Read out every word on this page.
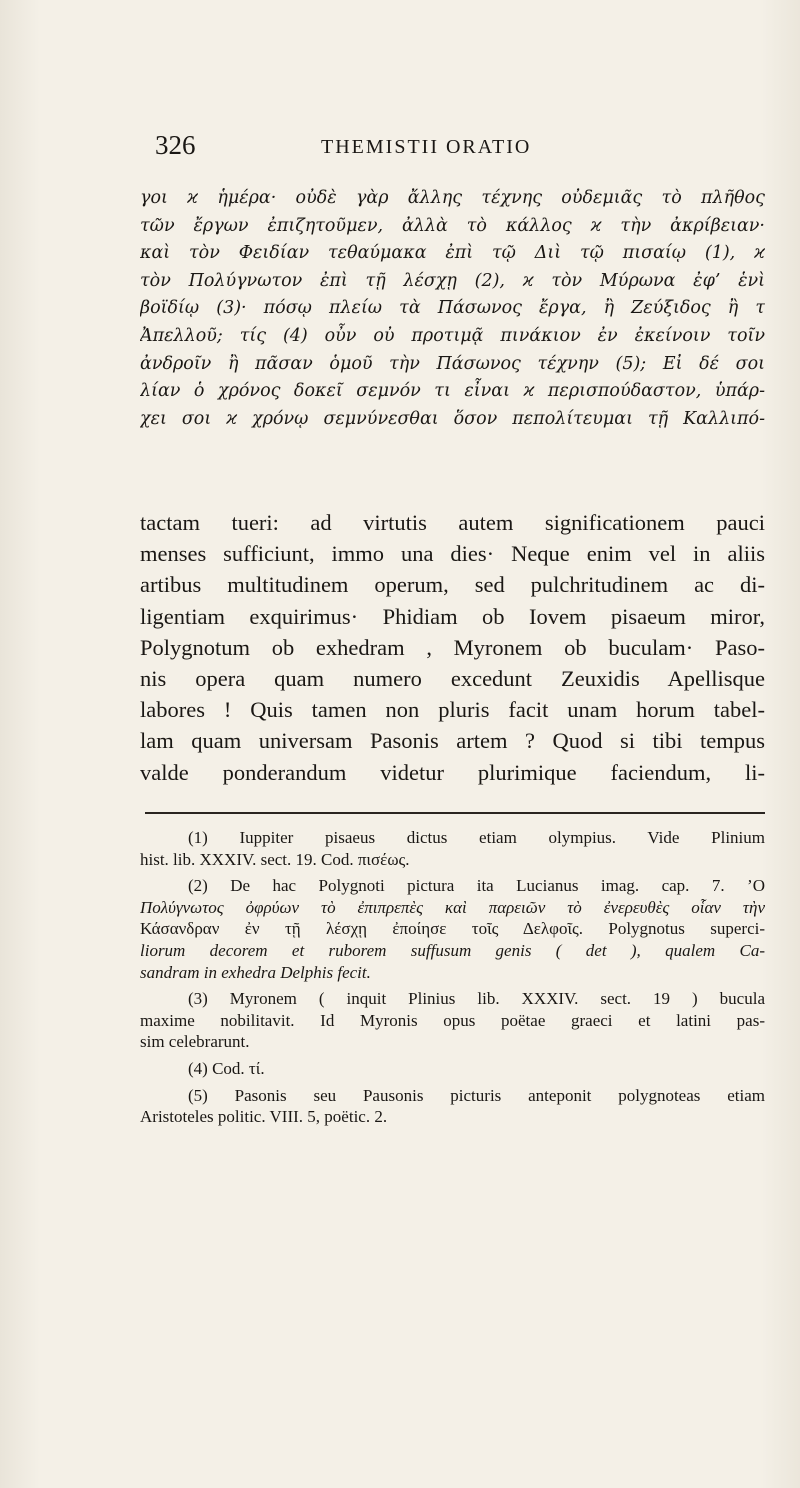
326	THEMISTII ORATIO
γοι ϰ ἡμέρα· οὐδὲ γὰρ ἄλλης τέχνης οὐδεμιᾶς τὸ πλῆθος
τῶν ἔργων ἐπιζητοῦμεν, ἀλλὰ τὸ κάλλος ϰ τὴν ἀκρίβειαν·
καὶ τὸν Φειδίαν τεθαύμακα ἐπὶ τῷ Διὶ τῷ πισαίῳ (1), ϰ
τὸν Πολύγνωτον ἐπὶ τῇ λέσχῃ (2), ϰ τὸν Μύρωνα ἐφ’ ἑνὶ
βοϊδίῳ (3)· πόσῳ πλείω τὰ Πάσωνος ἔργα, ἢ Ζεύξιδος ἢ τ
Ἀπελλοῦ; τίς (4) οὖν οὐ προτιμᾷ πινάκιον ἐν ἐκείνοιν τοῖν
ἀνδροῖν ἢ πᾶσαν ὁμοῦ τὴν Πάσωνος τέχνην (5); Εἰ δέ σοι
λίαν ὁ χρόνος δοκεῖ σεμνόν τι εἶναι ϰ περισπούδαστον, ὑπάρ-
χει σοι ϰ χρόνῳ σεμνύνεσθαι ὅσον πεπολίτευμαι τῇ Καλλιπό-
tactam tueri: ad virtutis autem significationem pauci
menses sufficiunt, immo una dies· Neque enim vel in aliis
artibus multitudinem operum, sed pulchritudinem ac di-
ligentiam exquirimus· Phidiam ob Iovem pisaeum miror,
Polygnotum ob exhedram , Myronem ob buculam· Paso-
nis opera quam numero excedunt Zeuxidis Apellisque
labores ! Quis tamen non pluris facit unam horum tabel-
lam quam universam Pasonis artem ? Quod si tibi tempus
valde ponderandum videtur plurimique faciendum, li-
(1) Iuppiter pisaeus dictus etiam olympius. Vide Plinium
hist. lib. XXXIV. sect. 19. Cod. πισέως.
(2) De hac Polygnoti pictura ita Lucianus imag. cap. 7. ’Ο
Πολύγνωτος ὀφρύων τὸ ἐπιπρεπὲς καὶ παρειῶν τὸ ἐνερευθὲς οἷαν τὴν
Κάσανδραν ἐν τῇ λέσχῃ ἐποίησε τοῖς Δελφοῖς. Polygnotus superci-
liorum decorem et ruborem suffusum genis ( det ), qualem Ca-
sandram in exhedra Delphis fecit.
(3) Myronem ( inquit Plinius lib. XXXIV. sect. 19 ) bucula
maxime nobilitavit. Id Myronis opus poëtae graeci et latini pas-
sim celebrarunt.
(4) Cod. τί.
(5) Pasonis seu Pausonis picturis anteponit polygnoteas etiam
Aristoteles politic. VIII. 5, poëtic. 2.
